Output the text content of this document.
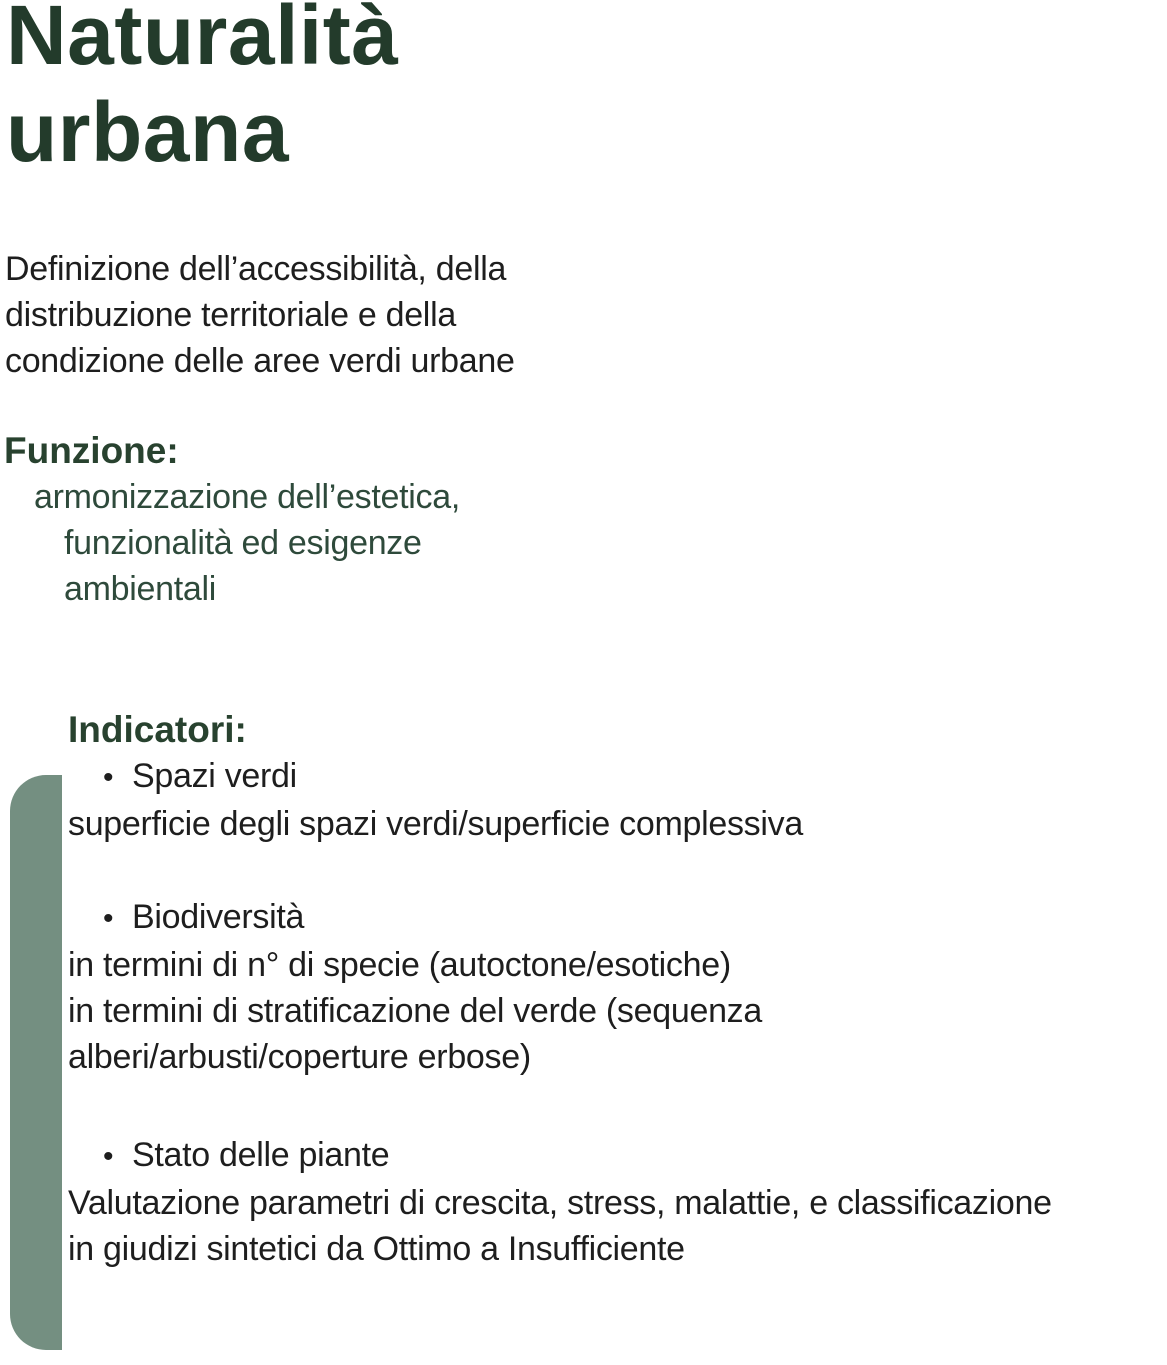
Naturalità
urbana
Definizione dell’accessibilità, della
distribuzione territoriale e della
condizione delle aree verdi urbane
Funzione:
armonizzazione dell’estetica,
funzionalità ed esigenze
ambientali
Indicatori:
• Spazi verdi
superficie degli spazi verdi/superficie complessiva
• Biodiversità
in termini di n° di specie (autoctone/esotiche)
in termini di stratificazione del verde (sequenza
alberi/arbusti/coperture erbose)
• Stato delle piante
Valutazione parametri di crescita, stress, malattie, e classificazione
in giudizi sintetici da Ottimo a Insufficiente
